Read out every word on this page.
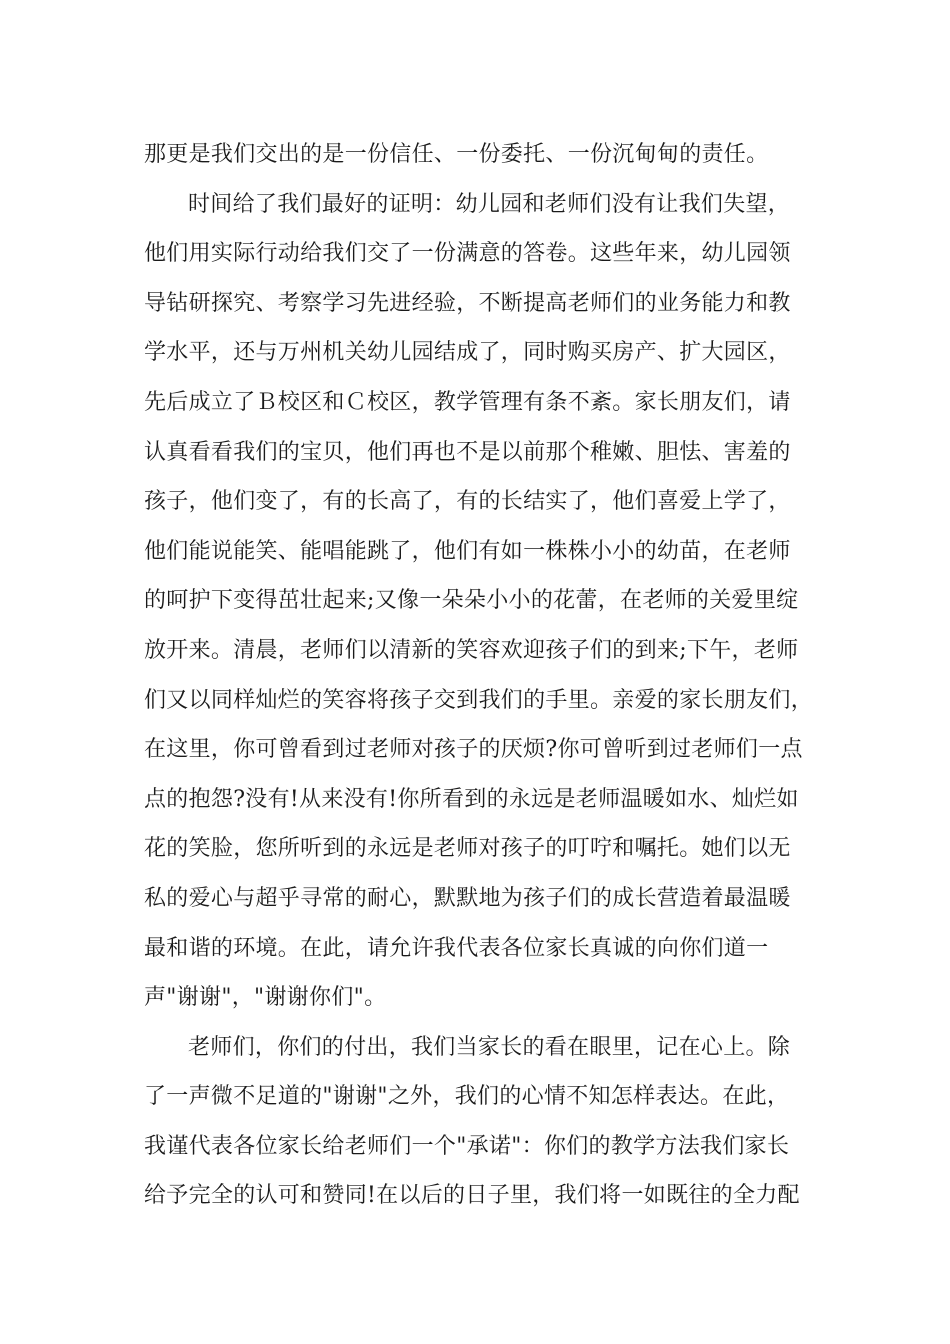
那更是我们交出的是一份信任、一份委托、一份沉甸甸的责任。
时间给了我们最好的证明：幼儿园和老师们没有让我们失望，
他们用实际行动给我们交了一份满意的答卷。这些年来，幼儿园领
导钻研探究、考察学习先进经验，不断提高老师们的业务能力和教
学水平，还与万州机关幼儿园结成了，同时购买房产、扩大园区，
先后成立了Ｂ校区和Ｃ校区，教学管理有条不紊。家长朋友们，请
认真看看我们的宝贝，他们再也不是以前那个稚嫩、胆怯、害羞的
孩子，他们变了，有的长高了，有的长结实了，他们喜爱上学了，
他们能说能笑、能唱能跳了，他们有如一株株小小的幼苗，在老师
的呵护下变得茁壮起来;又像一朵朵小小的花蕾，在老师的关爱里绽
放开来。清晨，老师们以清新的笑容欢迎孩子们的到来;下午，老师
们又以同样灿烂的笑容将孩子交到我们的手里。亲爱的家长朋友们，
在这里，你可曾看到过老师对孩子的厌烦?你可曾听到过老师们一点
点的抱怨?没有!从来没有!你所看到的永远是老师温暖如水、灿烂如
花的笑脸，您所听到的永远是老师对孩子的叮咛和嘱托。她们以无
私的爱心与超乎寻常的耐心，默默地为孩子们的成长营造着最温暖
最和谐的环境。在此，请允许我代表各位家长真诚的向你们道一
声"谢谢"，"谢谢你们"。
老师们，你们的付出，我们当家长的看在眼里，记在心上。除
了一声微不足道的"谢谢"之外，我们的心情不知怎样表达。在此，
我谨代表各位家长给老师们一个"承诺"：你们的教学方法我们家长
给予完全的认可和赞同!在以后的日子里，我们将一如既往的全力配
